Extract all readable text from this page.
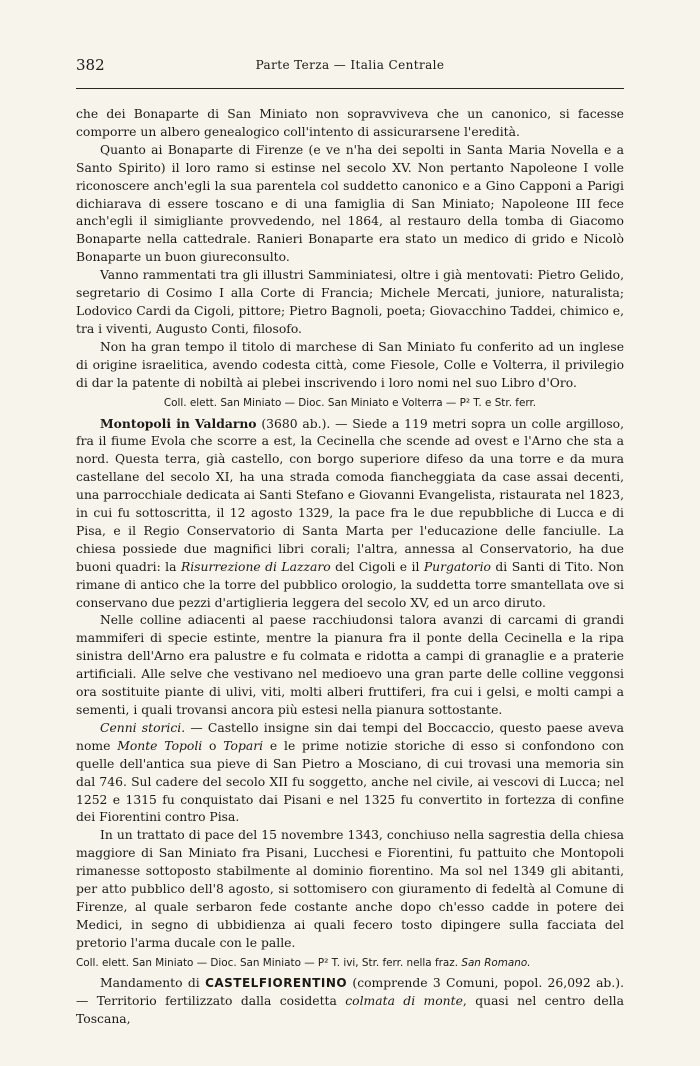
382	Parte Terza — Italia Centrale

che dei Bonaparte di San Miniato non sopravviveva che un canonico, si facesse comporre un albero genealogico coll'intento di assicurarsene l'eredità.

Quanto ai Bonaparte di Firenze (e ve n'ha dei sepolti in Santa Maria Novella e a Santo Spirito) il loro ramo si estinse nel secolo XV. Non pertanto Napoleone I volle riconoscere anch'egli la sua parentela col suddetto canonico e a Gino Capponi a Parigi dichiarava di essere toscano e di una famiglia di San Miniato; Napoleone III fece anch'egli il simigliante provvedendo, nel 1864, al restauro della tomba di Giacomo Bonaparte nella cattedrale. Ranieri Bonaparte era stato un medico di grido e Nicolò Bonaparte un buon giureconsulto.

Vanno rammentati tra gli illustri Samminiatesi, oltre i già mentovati: Pietro Gelido, segretario di Cosimo I alla Corte di Francia; Michele Mercati, juniore, naturalista; Lodovico Cardi da Cigoli, pittore; Pietro Bagnoli, poeta; Giovacchino Taddei, chimico e, tra i viventi, Augusto Conti, filosofo.

Non ha gran tempo il titolo di marchese di San Miniato fu conferito ad un inglese di origine israelitica, avendo codesta città, come Fiesole, Colle e Volterra, il privilegio di dar la patente di nobiltà ai plebei inscrivendo i loro nomi nel suo Libro d'Oro.

Coll. elett. San Miniato — Dioc. San Miniato e Volterra — P² T. e Str. ferr.

Montopoli in Valdarno (3680 ab.). — Siede a 119 metri sopra un colle argilloso, fra il fiume Evola che scorre a est, la Cecinella che scende ad ovest e l'Arno che sta a nord. Questa terra, già castello, con borgo superiore difeso da una torre e da mura castellane del secolo XI, ha una strada comoda fiancheggiata da case assai decenti, una parrocchiale dedicata ai Santi Stefano e Giovanni Evangelista, ristaurata nel 1823, in cui fu sottoscritta, il 12 agosto 1329, la pace fra le due repubbliche di Lucca e di Pisa, e il Regio Conservatorio di Santa Marta per l'educazione delle fanciulle. La chiesa possiede due magnifici libri corali; l'altra, annessa al Conservatorio, ha due buoni quadri: la Risurrezione di Lazzaro del Cigoli e il Purgatorio di Santi di Tito. Non rimane di antico che la torre del pubblico orologio, la suddetta torre smantellata ove si conservano due pezzi d'artiglieria leggera del secolo XV, ed un arco diruto.

Nelle colline adiacenti al paese racchiudonsi talora avanzi di carcami di grandi mammiferi di specie estinte, mentre la pianura fra il ponte della Cecinella e la ripa sinistra dell'Arno era palustre e fu colmata e ridotta a campi di granaglie e a praterie artificiali. Alle selve che vestivano nel medioevo una gran parte delle colline veggonsi ora sostituite piante di ulivi, viti, molti alberi fruttiferi, fra cui i gelsi, e molti campi a sementi, i quali trovansi ancora più estesi nella pianura sottostante.

Cenni storici. — Castello insigne sin dai tempi del Boccaccio, questo paese aveva nome Monte Topoli o Topari e le prime notizie storiche di esso si confondono con quelle dell'antica sua pieve di San Pietro a Mosciano, di cui trovasi una memoria sin dal 746. Sul cadere del secolo XII fu soggetto, anche nel civile, ai vescovi di Lucca; nel 1252 e 1315 fu conquistato dai Pisani e nel 1325 fu convertito in fortezza di confine dei Fiorentini contro Pisa.

In un trattato di pace del 15 novembre 1343, conchiuso nella sagrestia della chiesa maggiore di San Miniato fra Pisani, Lucchesi e Fiorentini, fu pattuito che Montopoli rimanesse sottoposto stabilmente al dominio fiorentino. Ma sol nel 1349 gli abitanti, per atto pubblico dell'8 agosto, si sottomisero con giuramento di fedeltà al Comune di Firenze, al quale serbaron fede costante anche dopo ch'esso cadde in potere dei Medici, in segno di ubbidienza ai quali fecero tosto dipingere sulla facciata del pretorio l'arma ducale con le palle.

Coll. elett. San Miniato — Dioc. San Miniato — P² T. ivi, Str. ferr. nella fraz. San Romano.

Mandamento di CASTELFIORENTINO (comprende 3 Comuni, popol. 26,092 ab.). — Territorio fertilizzato dalla cosidetta colmata di monte, quasi nel centro della Toscana,
